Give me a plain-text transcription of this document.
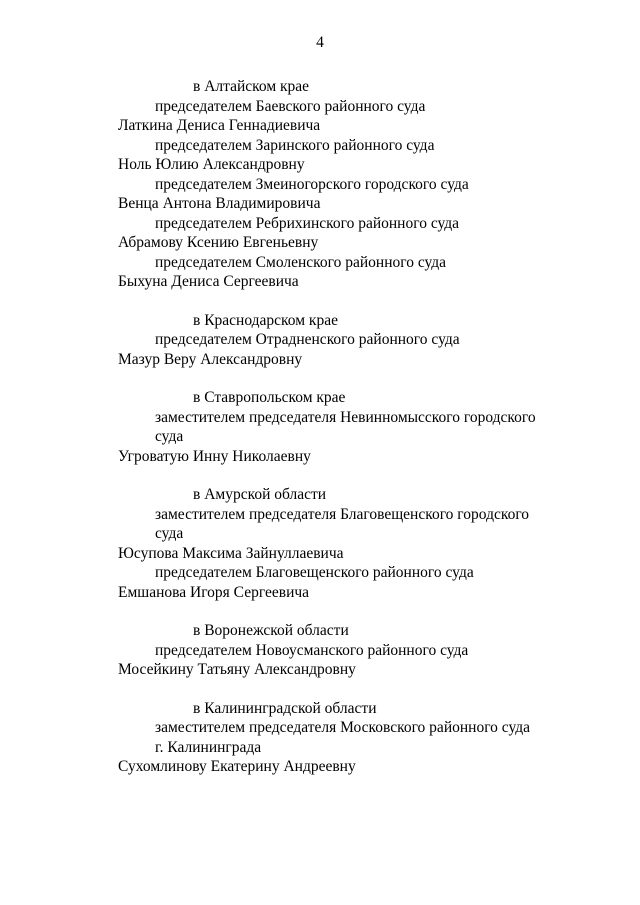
4
в Алтайском крае
председателем Баевского районного суда
Латкина Дениса Геннадиевича
председателем Заринского районного суда
Ноль Юлию Александровну
председателем Змеиногорского городского суда
Венца Антона Владимировича
председателем Ребрихинского районного суда
Абрамову Ксению Евгеньевну
председателем Смоленского районного суда
Быхуна Дениса Сергеевича
в Краснодарском крае
председателем Отрадненского районного суда
Мазур Веру Александровну
в Ставропольском крае
заместителем председателя Невинномысского городского
суда
Угроватую Инну Николаевну
в Амурской области
заместителем председателя Благовещенского городского
суда
Юсупова Максима Зайнуллаевича
председателем Благовещенского районного суда
Емшанова Игоря Сергеевича
в Воронежской области
председателем Новоусманского районного суда
Мосейкину Татьяну Александровну
в Калининградской области
заместителем председателя Московского районного суда
г. Калининграда
Сухомлинову Екатерину Андреевну
